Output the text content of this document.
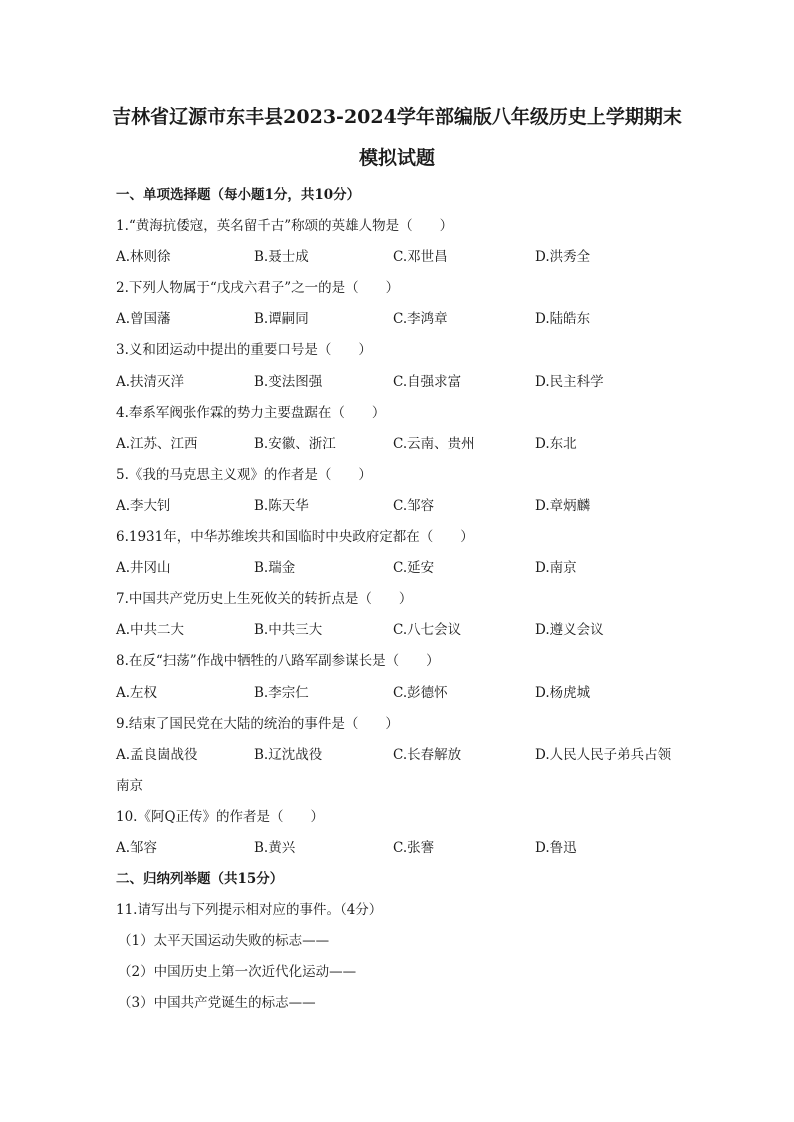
吉林省辽源市东丰县2023-2024学年部编版八年级历史上学期期末
模拟试题
一、单项选择题（每小题1分，共10分）
1.“黄海抗倭寇，英名留千古”称颂的英雄人物是（　　）
A.林则徐	B.聂士成	C.邓世昌	D.洪秀全
2.下列人物属于“戊戌六君子”之一的是（　　）
A.曾国藩	B.谭嗣同	C.李鸿章	D.陆皓东
3.义和团运动中提出的重要口号是（　　）
A.扶清灭洋	B.变法图强	C.自强求富	D.民主科学
4.奉系军阀张作霖的势力主要盘踞在（　　）
A.江苏、江西	B.安徽、浙江	C.云南、贵州	D.东北
5.《我的马克思主义观》的作者是（　　）
A.李大钊	B.陈天华	C.邹容	D.章炳麟
6.1931年，中华苏维埃共和国临时中央政府定都在（　　）
A.井冈山	B.瑞金	C.延安	D.南京
7.中国共产党历史上生死攸关的转折点是（　　）
A.中共二大	B.中共三大	C.八七会议	D.遵义会议
8.在反“扫荡”作战中牺牲的八路军副参谋长是（　　）
A.左权	B.李宗仁	C.彭德怀	D.杨虎城
9.结束了国民党在大陆的统治的事件是（　　）
A.孟良崮战役	B.辽沈战役	C.长春解放	D.人民人民子弟兵占领
南京
10.《阿Q正传》的作者是（　　）
A.邹容	B.黄兴	C.张謇	D.鲁迅
二、归纳列举题（共15分）
11.请写出与下列提示相对应的事件。（4分）
（1）太平天国运动失败的标志——
（2）中国历史上第一次近代化运动——
（3）中国共产党诞生的标志——
